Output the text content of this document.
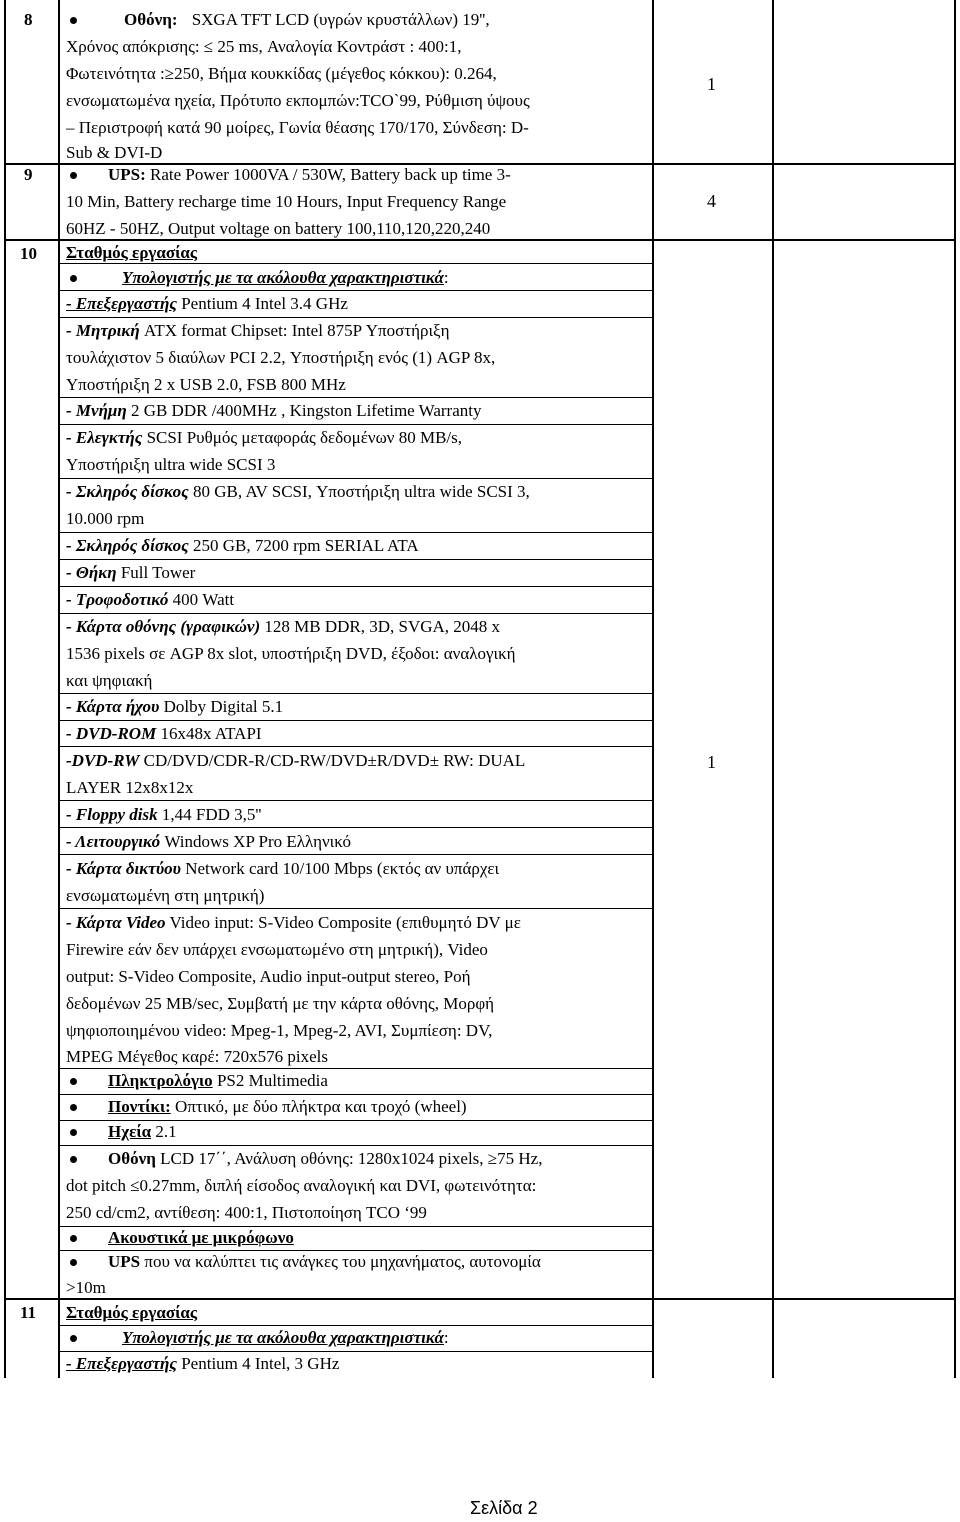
8	Οθόνη: SXGA TFT LCD (υγρών κρυστάλλων) 19'',
Χρόνος απόκρισης: ≤ 25 ms, Αναλογία Κοντράστ : 400:1,
Φωτεινότητα :≥250, Βήμα κουκκίδας (μέγεθος κόκκου): 0.264,
ενσωματωμένα ηχεία, Πρότυπο εκπομπών:TCO`99, Ρύθμιση ύψους
– Περιστροφή κατά 90 μοίρες, Γωνία θέασης 170/170, Σύνδεση: D-
Sub & DVI-D
1
9	UPS: Rate Power 1000VA / 530W, Battery back up time 3-
10 Min, Battery recharge time 10 Hours, Input Frequency Range
60HZ - 50HZ, Output voltage on battery 100,110,120,220,240
4
10 Σταθμός εργασίας
Υπολογιστής με τα ακόλουθα χαρακτηριστικά:
- Επεξεργαστής Pentium 4 Intel 3.4 GHz
- Μητρική ATX format Chipset: Intel 875P Υποστήριξη
τουλάχιστον 5 διαύλων PCI 2.2, Υποστήριξη ενός (1) AGP 8x,
Υποστήριξη 2 x USB 2.0, FSB 800 MHz
- Μνήμη 2 GB DDR /400MHz , Kingston Lifetime Warranty
- Ελεγκτής SCSI Ρυθμός μεταφοράς δεδομένων 80 MB/s,
Υποστήριξη ultra wide SCSI 3
- Σκληρός δίσκος 80 GB, AV SCSI, Υποστήριξη ultra wide SCSI 3,
10.000 rpm
- Σκληρός δίσκος 250 GB, 7200 rpm SERIAL ATA
- Θήκη Full Tower
- Τροφοδοτικό 400 Watt
- Κάρτα οθόνης (γραφικών) 128 MB DDR, 3D, SVGA, 2048 x
1536 pixels σε AGP 8x slot, υποστήριξη DVD, έξοδοι: αναλογική
και ψηφιακή
- Κάρτα ήχου Dolby Digital 5.1
- DVD-ROM 16x48x ATAPI
-DVD-RW CD/DVD/CDR-R/CD-RW/DVD±R/DVD± RW: DUAL
LAYER 12x8x12x
- Floppy disk 1,44 FDD 3,5''
- Λειτουργικό Windows XP Pro Ελληνικό
- Κάρτα δικτύου Network card 10/100 Mbps (εκτός αν υπάρχει
ενσωματωμένη στη μητρική)
- Κάρτα Video Video input: S-Video Composite (επιθυμητό DV με
Firewire εάν δεν υπάρχει ενσωματωμένο στη μητρική), Video
output: S-Video Composite, Audio input-output stereo, Ροή
δεδομένων 25 MB/sec, Συμβατή με την κάρτα οθόνης, Μορφή
ψηφιοποιημένου video: Mpeg-1, Mpeg-2, AVI, Συμπίεση: DV,
MPEG Μέγεθος καρέ: 720x576 pixels
Πληκτρολόγιο PS2 Multimedia
Ποντίκι: Οπτικό, με δύο πλήκτρα και τροχό (wheel)
Ηχεία 2.1
Οθόνη LCD 17΄΄, Ανάλυση οθόνης: 1280x1024 pixels, ≥75 Hz,
dot pitch ≤0.27mm, διπλή είσοδος αναλογική και DVI, φωτεινότητα:
250 cd/cm2, αντίθεση: 400:1, Πιστοποίηση TCO ‘99
Ακουστικά με μικρόφωνο
UPS που να καλύπτει τις ανάγκες του μηχανήματος, αυτονομία
>10m
1
11 Σταθμός εργασίας
Υπολογιστής με τα ακόλουθα χαρακτηριστικά:
- Επεξεργαστής Pentium 4 Intel, 3 GHz
Σελίδα 2
